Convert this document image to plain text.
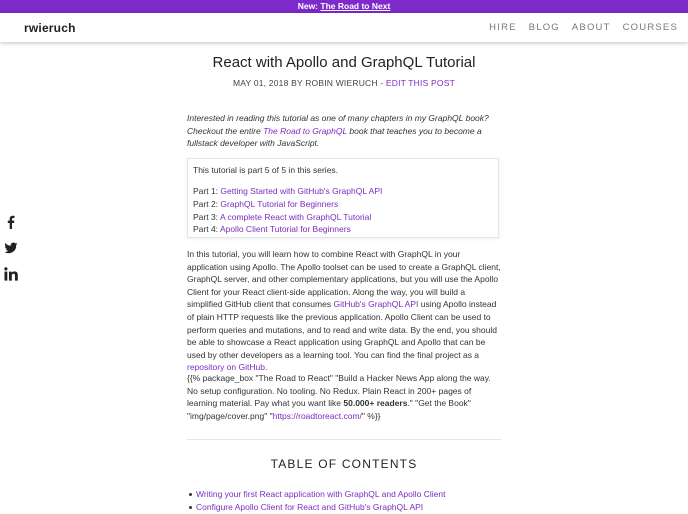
New: The Road to Next
rwieruch	HIRE BLOG ABOUT COURSES
React with Apollo and GraphQL Tutorial
MAY 01, 2018 BY ROBIN WIERUCH - EDIT THIS POST
Interested in reading this tutorial as one of many chapters in my GraphQL book? Checkout the entire The Road to GraphQL book that teaches you to become a fullstack developer with JavaScript.
This tutorial is part 5 of 5 in this series.
Part 1: Getting Started with GitHub's GraphQL API
Part 2: GraphQL Tutorial for Beginners
Part 3: A complete React with GraphQL Tutorial
Part 4: Apollo Client Tutorial for Beginners
In this tutorial, you will learn how to combine React with GraphQL in your application using Apollo. The Apollo toolset can be used to create a GraphQL client, GraphQL server, and other complementary applications, but you will use the Apollo Client for your React client-side application. Along the way, you will build a simplified GitHub client that consumes GitHub's GraphQL API using Apollo instead of plain HTTP requests like the previous application. Apollo Client can be used to perform queries and mutations, and to read and write data. By the end, you should be able to showcase a React application using GraphQL and Apollo that can be used by other developers as a learning tool. You can find the final project as a repository on GitHub.
{{% package_box "The Road to React" "Build a Hacker News App along the way. No setup configuration. No tooling. No Redux. Plain React in 200+ pages of learning material. Pay what you want like 50.000+ readers." "Get the Book" "img/page/cover.png" "https://roadtoreact.com/" %}}
TABLE OF CONTENTS
Writing your first React application with GraphQL and Apollo Client
Configure Apollo Client for React and GitHub's GraphQL API
